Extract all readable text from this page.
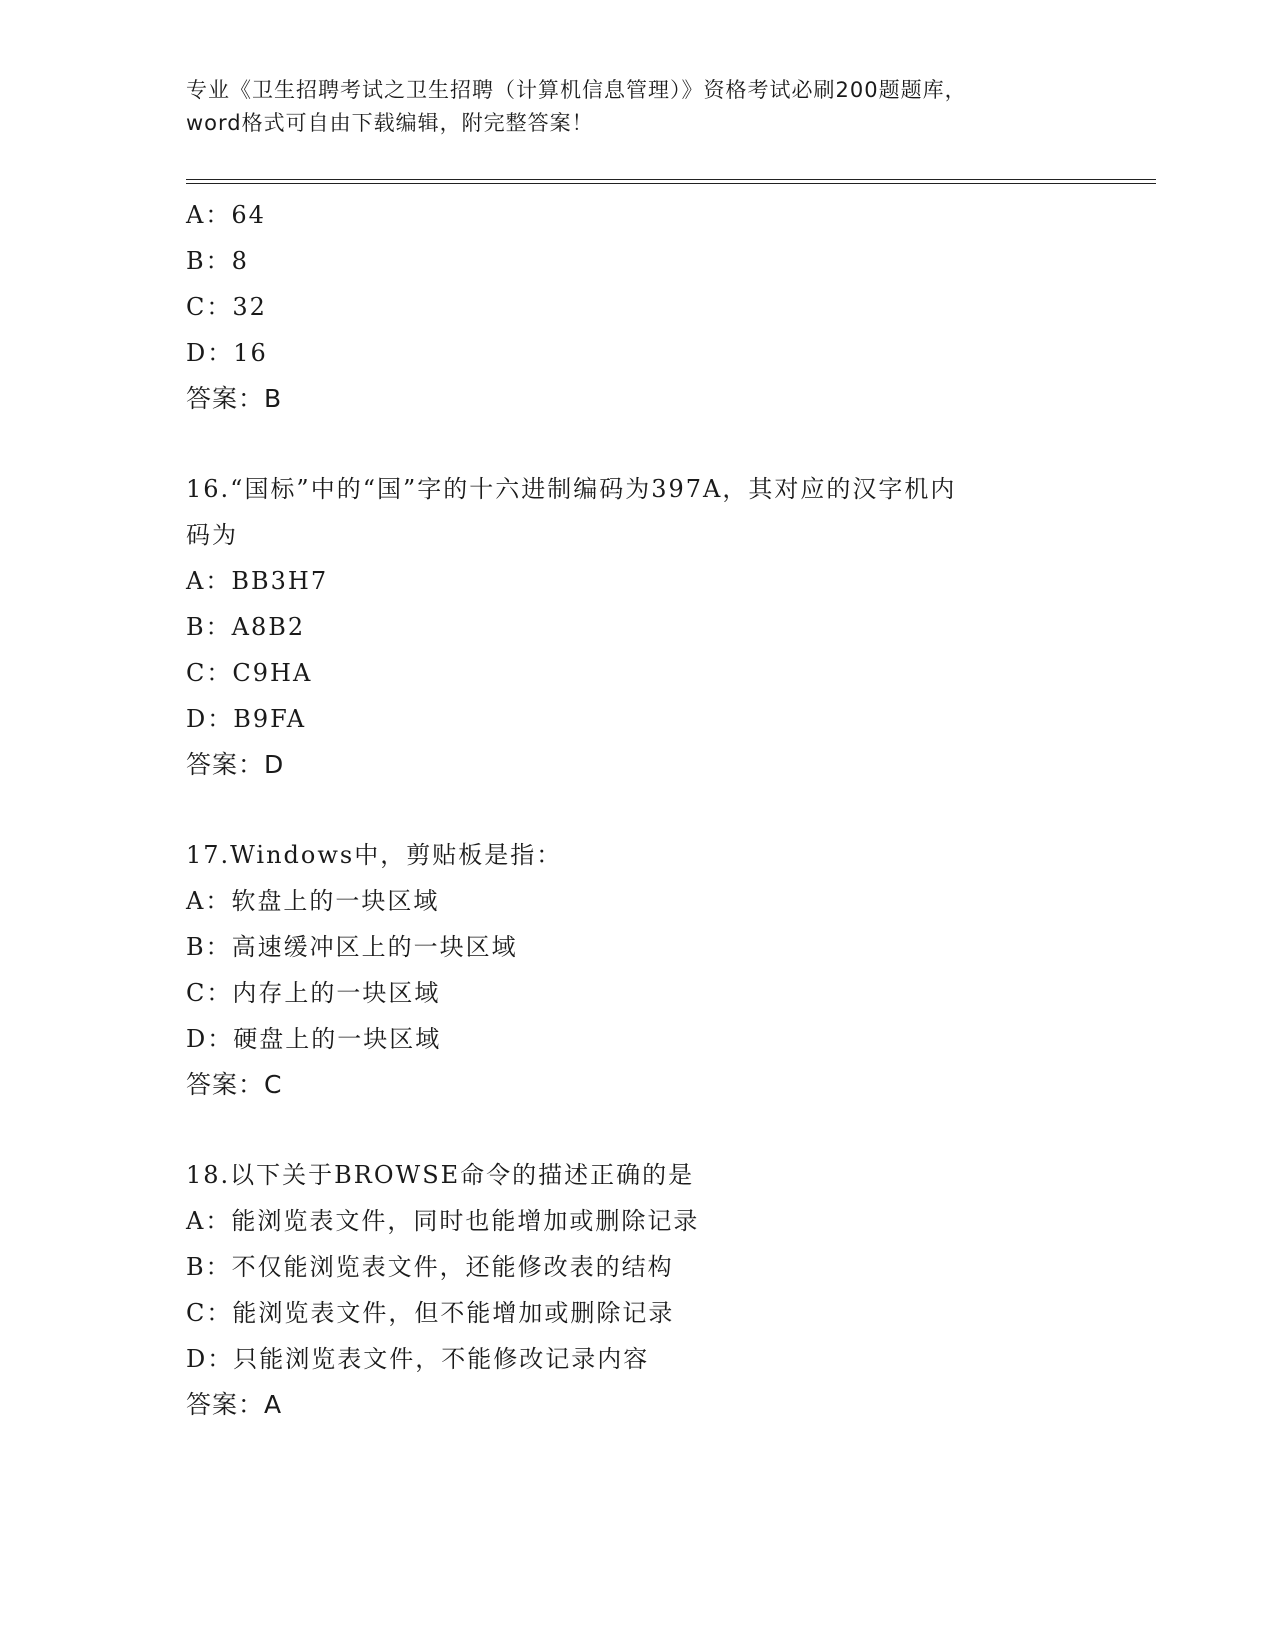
专业《卫生招聘考试之卫生招聘（计算机信息管理）》资格考试必刷200题题库，
word格式可自由下载编辑，附完整答案！
A：64
B：8
C：32
D：16
答案：B
16.“国标”中的“国”字的十六进制编码为397A，其对应的汉字机内
码为
A：BB3H7
B：A8B2
C：C9HA
D：B9FA
答案：D
17.Windows中，剪贴板是指：
A：软盘上的一块区域
B：高速缓冲区上的一块区域
C：内存上的一块区域
D：硬盘上的一块区域
答案：C
18.以下关于BROWSE命令的描述正确的是
A：能浏览表文件，同时也能增加或删除记录
B：不仅能浏览表文件，还能修改表的结构
C：能浏览表文件，但不能增加或删除记录
D：只能浏览表文件，不能修改记录内容
答案：A
